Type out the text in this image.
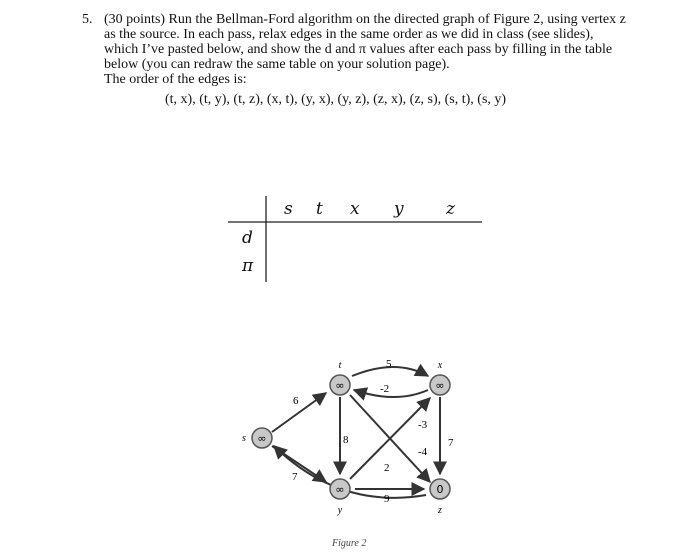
5. (30 points) Run the Bellman-Ford algorithm on the directed graph of Figure 2, using vertex z
as the source. In each pass, relax edges in the same order as we did in class (see slides),
which I’ve pasted below, and show the d and π values after each pass by filling in the table
below (you can redraw the same table on your solution page).
The order of the edges is:
(t, x), (t, y), (t, z), (x, t), (y, x), (y, z), (z, x), (z, s), (s, t), (s, y)
s t x y z
d
π
∞
s
∞
t
∞
x
∞
y
0
z
6
7
5
-2
8
-3
-4
7
9
2
Figure 2
